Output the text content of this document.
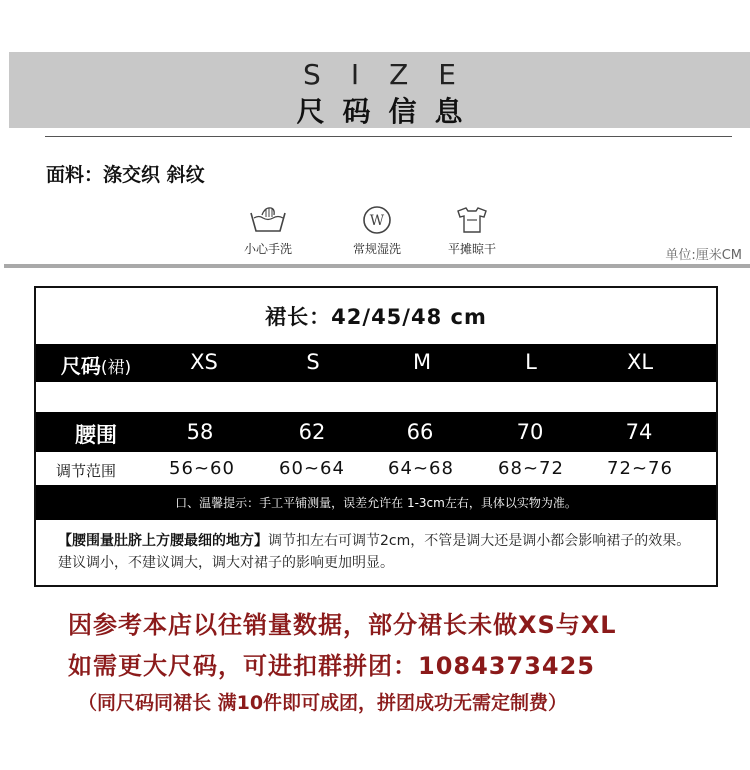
SIZE
尺码信息
面料：涤交织 斜纹
小心手洗
W
常规湿洗	平摊晾干	单位:厘米CM
裙长：42/45/48 cm
尺码(裙)	XS	S	M	L	XL
腰围	58	62	66	70	74
调节范围	56~60	60~64	64~68	68~72	72~76
口、温馨提示：手工平铺测量，误差允许在 1-3cm左右，具体以实物为准。
【腰围量肚脐上方腰最细的地方】调节扣左右可调节2cm，不管是调大还是调小都会影响裙子的效果。建议调小，不建议调大，调大对裙子的影响更加明显。
因参考本店以往销量数据，部分裙长未做XS与XL
如需更大尺码，可进扣群拼团：1084373425
（同尺码同裙长 满10件即可成团，拼团成功无需定制费）
